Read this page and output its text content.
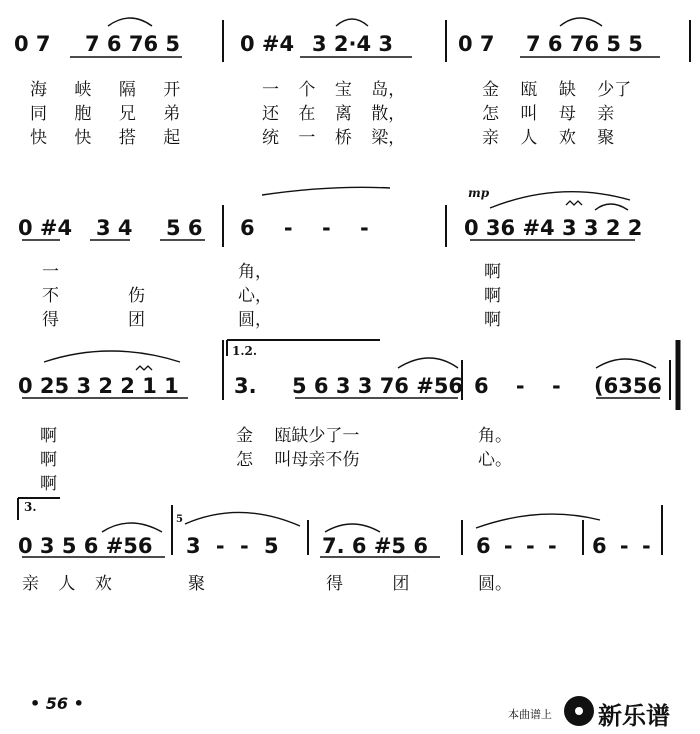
0 7 7 6 76 5	0 #4 3 2·4 3	0 7 7 6 76 5 5
海 峡 隔 开	一 个 宝 岛，	金 瓯 缺 少了
同 胞 兄 弟	还 在 离 散，	怎 叫 母 亲
快 快 搭 起	统 一 桥 梁，	亲 人 欢 聚
mp
0 #4 3 4 5 6 6 - - -	0 36 #4 3 3 2 2
一	角，	啊
不	伤	心，	啊
得	团	圆，	啊
1.2.
0 25 3 2 2 1 1	3. 5 6 3 3 76 #56 6 - - (6356
啊	金 瓯缺少了一	角。
啊	怎 叫母亲不伤	心。
啊
3.
5
0 3 5 6 #56 3 - - 5 7. 6 #5 6 6 - - - 6 - -
亲 人 欢	聚	得	团	圆。
• 56 •
本曲谱上 新乐谱
